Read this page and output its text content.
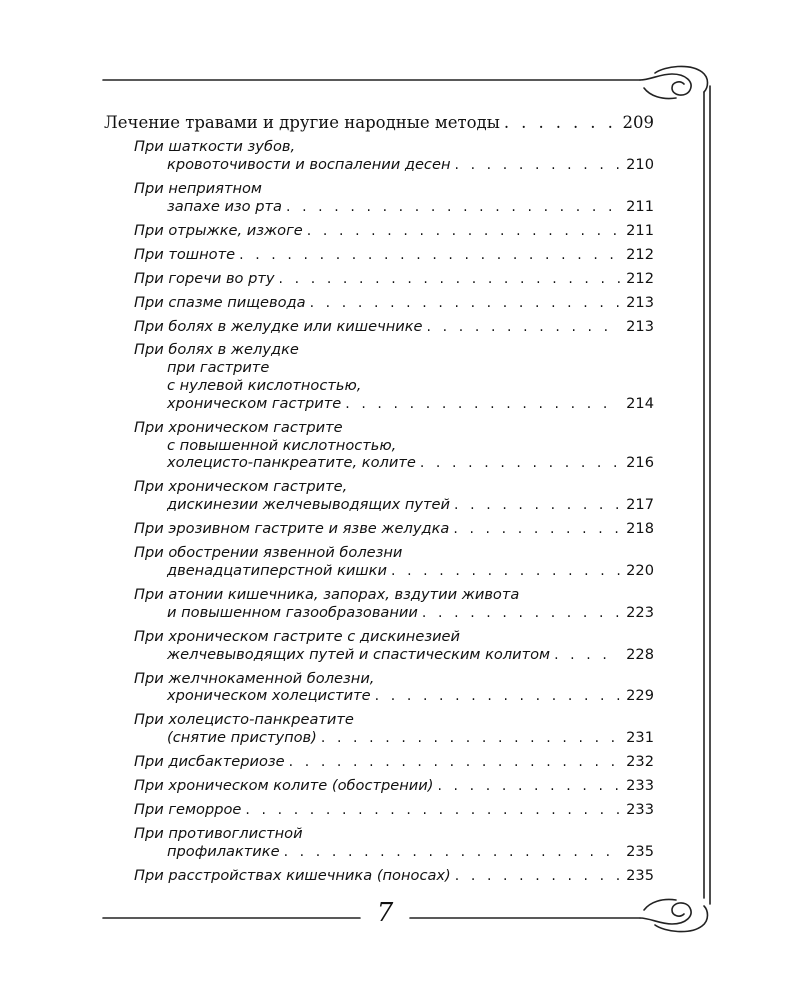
Лечение травами и другие народные методы . . .	209
При шаткости зубов,
кровоточивости и воспалении десен . . .	210
При неприятном
запахе изо рта . . .	211
При отрыжке, изжоге . . .	211
При тошноте . . .	212
При горечи во рту . . .	212
При спазме пищевода . . .	213
При болях в желудке или кишечнике . . .	213
При болях в желудке
при гастрите
с нулевой кислотностью,
хроническом гастрите . . .	214
При хроническом гастрите
с повышенной кислотностью,
холецисто-панкреатите, колите . . .	216
При хроническом гастрите,
дискинезии желчевыводящих путей . . .	217
При эрозивном гастрите и язве желудка . . .	218
При обострении язвенной болезни
двенадцатиперстной кишки . . .	220
При атонии кишечника, запорах, вздутии живота
и повышенном газообразовании . . .	223
При хроническом гастрите с дискинезией
желчевыводящих путей и спастическим колитом . . .	228
При желчнокаменной болезни,
хроническом холецистите . . .	229
При холецисто-панкреатите
(снятие приступов) . . .	231
При дисбактериозе . . .	232
При хроническом колите (обострении) . . .	233
При геморрое . . .	233
При противоглистной
профилактике . . .	235
При расстройствах кишечника (поносах) . . .	235
7
